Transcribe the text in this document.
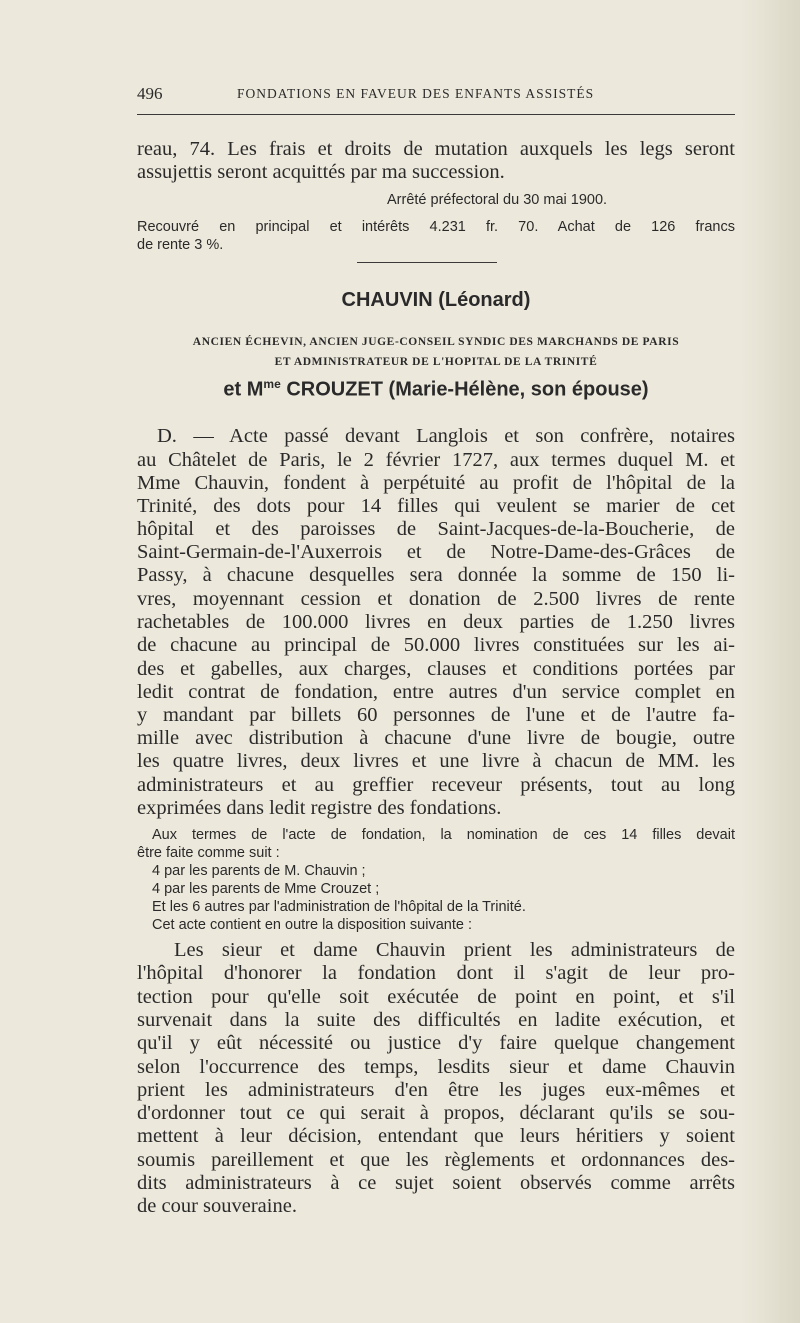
496	FONDATIONS EN FAVEUR DES ENFANTS ASSISTÉS
reau, 74. Les frais et droits de mutation auxquels les legs seront
assujettis seront acquittés par ma succession.
Arrêté préfectoral du 30 mai 1900.

Recouvré en principal et intérêts 4.231 fr. 70. Achat de 126 francs

de rente 3 %.

CHAUVIN (Léonard)
ANCIEN ÉCHEVIN, ANCIEN JUGE-CONSEIL SYNDIC DES MARCHANDS DE PARIS
ET ADMINISTRATEUR DE L'HOPITAL DE LA TRINITÉ
et $M^{me}$ CROUZET (Marie-Hélène, son épouse)
D. — Acte passé devant Langlois et son confrère, notaires
au Châtelet de Paris, le 2 février 1727, aux termes duquel M. et
Mme Chauvin, fondent à perpétuité au profit de l'hôpital de la
Trinité, des dots pour 14 filles qui veulent se marier de cet
hôpital et des paroisses de Saint-Jacques-de-la-Boucherie, de
Saint-Germain-de-l'Auxerrois et de Notre-Dame-des-Grâces de
Passy, à chacune desquelles sera donnée la somme de 150 li-
vres, moyennant cession et donation de 2.500 livres de rente
rachetables de 100.000 livres en deux parties de 1.250 livres
de chacune au principal de 50.000 livres constituées sur les ai-
des et gabelles, aux charges, clauses et conditions portées par
ledit contrat de fondation, entre autres d'un service complet en
y mandant par billets 60 personnes de l'une et de l'autre fa-
mille avec distribution à chacune d'une livre de bougie, outre
les quatre livres, deux livres et une livre à chacun de MM. les
administrateurs et au greffier receveur présents, tout au long
exprimées dans ledit registre des fondations.

Aux termes de l'acte de fondation, la nomination de ces 14 filles devait

être faite comme suit :

4 par les parents de M. Chauvin ;

4 par les parents de Mme Crouzet ;

Et les 6 autres par l'administration de l'hôpital de la Trinité.

Cet acte contient en outre la disposition suivante :

Les sieur et dame Chauvin prient les administrateurs de
l'hôpital d'honorer la fondation dont il s'agit de leur pro-
tection pour qu'elle soit exécutée de point en point, et s'il
survenait dans la suite des difficultés en ladite exécution, et
qu'il y eût nécessité ou justice d'y faire quelque changement
selon l'occurrence des temps, lesdits sieur et dame Chauvin
prient les administrateurs d'en être les juges eux-mêmes et
d'ordonner tout ce qui serait à propos, déclarant qu'ils se sou-
mettent à leur décision, entendant que leurs héritiers y soient
soumis pareillement et que les règlements et ordonnances des-
dits administrateurs à ce sujet soient observés comme arrêts
de cour souveraine.
